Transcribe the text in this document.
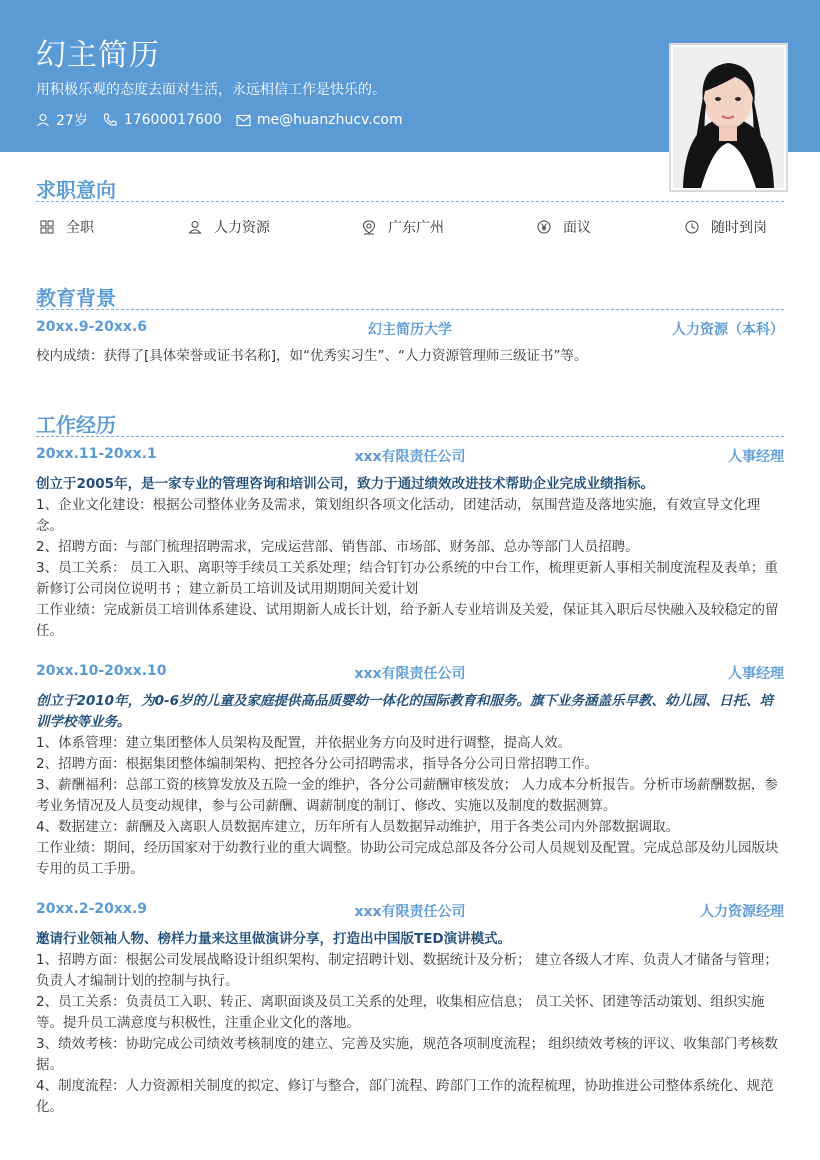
幻主简历
用积极乐观的态度去面对生活，永远相信工作是快乐的。
27岁	17600017600	me@huanzhucv.com
求职意向
全职	人力资源	广东广州	面议	随时到岗
教育背景
20xx.9-20xx.6	幻主简历大学	人力资源（本科）
校内成绩：获得了[具体荣誉或证书名称]，如“优秀实习生”、“人力资源管理师三级证书”等。
工作经历
20xx.11-20xx.1	xxx有限责任公司	人事经理
创立于2005年，是一家专业的管理咨询和培训公司，致力于通过绩效改进技术帮助企业完成业绩指标。
1、企业文化建设：根据公司整体业务及需求，策划组织各项文化活动，团建活动，氛围营造及落地实施，有效宣导文化理念。
2、招聘方面：与部门梳理招聘需求，完成运营部、销售部、市场部、财务部、总办等部门人员招聘。
3、员工关系： 员工入职、离职等手续员工关系处理；结合钉钉办公系统的中台工作，梳理更新人事相关制度流程及表单；重新修订公司岗位说明书 ；建立新员工培训及试用期期间关爱计划
工作业绩：完成新员工培训体系建设、试用期新人成长计划，给予新人专业培训及关爱，保证其入职后尽快融入及较稳定的留任。
20xx.10-20xx.10	xxx有限责任公司	人事经理
创立于2010年，为0-6岁的儿童及家庭提供高品质婴幼一体化的国际教育和服务。旗下业务涵盖乐早教、幼儿园、日托、培训学校等业务。
1、体系管理：建立集团整体人员架构及配置，并依据业务方向及时进行调整，提高人效。
2、招聘方面：根据集团整体编制架构、把控各分公司招聘需求，指导各分公司日常招聘工作。
3、薪酬福利：总部工资的核算发放及五险一金的维护，各分公司薪酬审核发放； 人力成本分析报告。分析市场薪酬数据，参考业务情况及人员变动规律，参与公司薪酬、调薪制度的制订、修改、实施以及制度的数据测算。
4、数据建立：薪酬及入离职人员数据库建立，历年所有人员数据异动维护，用于各类公司内外部数据调取。
工作业绩：期间，经历国家对于幼教行业的重大调整。协助公司完成总部及各分公司人员规划及配置。完成总部及幼儿园版块专用的员工手册。
20xx.2-20xx.9	xxx有限责任公司	人力资源经理
邀请行业领袖人物、榜样力量来这里做演讲分享，打造出中国版TED演讲模式。
1、招聘方面：根据公司发展战略设计组织架构、制定招聘计划、数据统计及分析； 建立各级人才库、负责人才储备与管理； 负责人才编制计划的控制与执行。
2、员工关系：负责员工入职、转正、离职面谈及员工关系的处理，收集相应信息； 员工关怀、团建等活动策划、组织实施等。提升员工满意度与积极性，注重企业文化的落地。
3、绩效考核：协助完成公司绩效考核制度的建立、完善及实施，规范各项制度流程； 组织绩效考核的评议、收集部门考核数据。
4、制度流程：人力资源相关制度的拟定、修订与整合，部门流程、跨部门工作的流程梳理，协助推进公司整体系统化、规范化。
